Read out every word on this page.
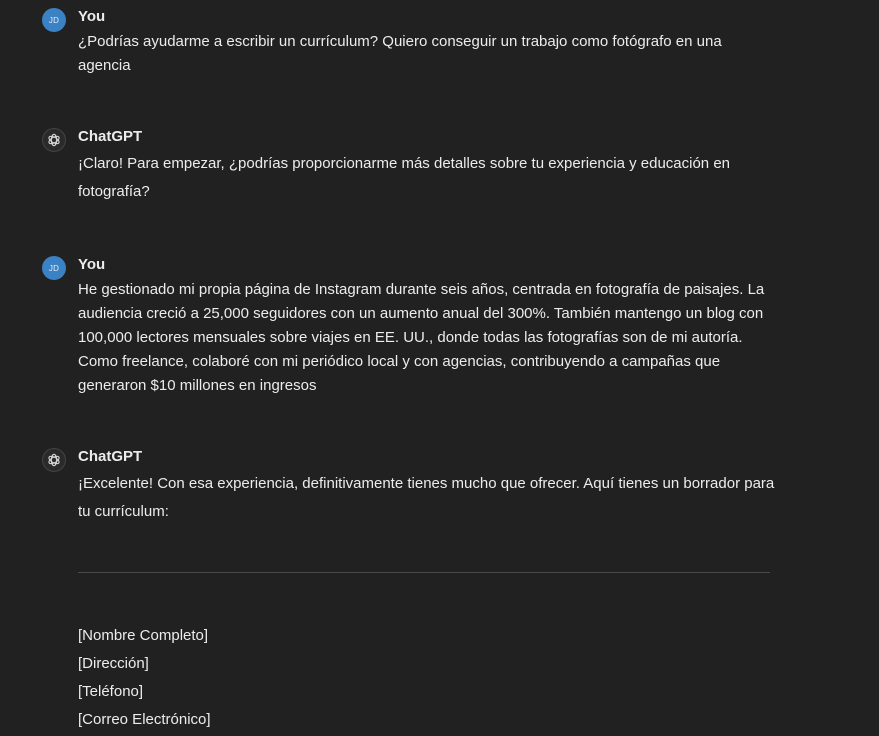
JD	You
¿Podrías ayudarme a escribir un currículum? Quiero conseguir un trabajo como fotógrafo en una agencia
ChatGPT
¡Claro! Para empezar, ¿podrías proporcionarme más detalles sobre tu experiencia y educación en fotografía?
JD	You
He gestionado mi propia página de Instagram durante seis años, centrada en fotografía de paisajes. La audiencia creció a 25,000 seguidores con un aumento anual del 300%. También mantengo un blog con 100,000 lectores mensuales sobre viajes en EE. UU., donde todas las fotografías son de mi autoría. Como freelance, colaboré con mi periódico local y con agencias, contribuyendo a campañas que generaron $10 millones en ingresos
ChatGPT
¡Excelente! Con esa experiencia, definitivamente tienes mucho que ofrecer. Aquí tienes un borrador para tu currículum:
[Nombre Completo]
[Dirección]
[Teléfono]
[Correo Electrónico]
